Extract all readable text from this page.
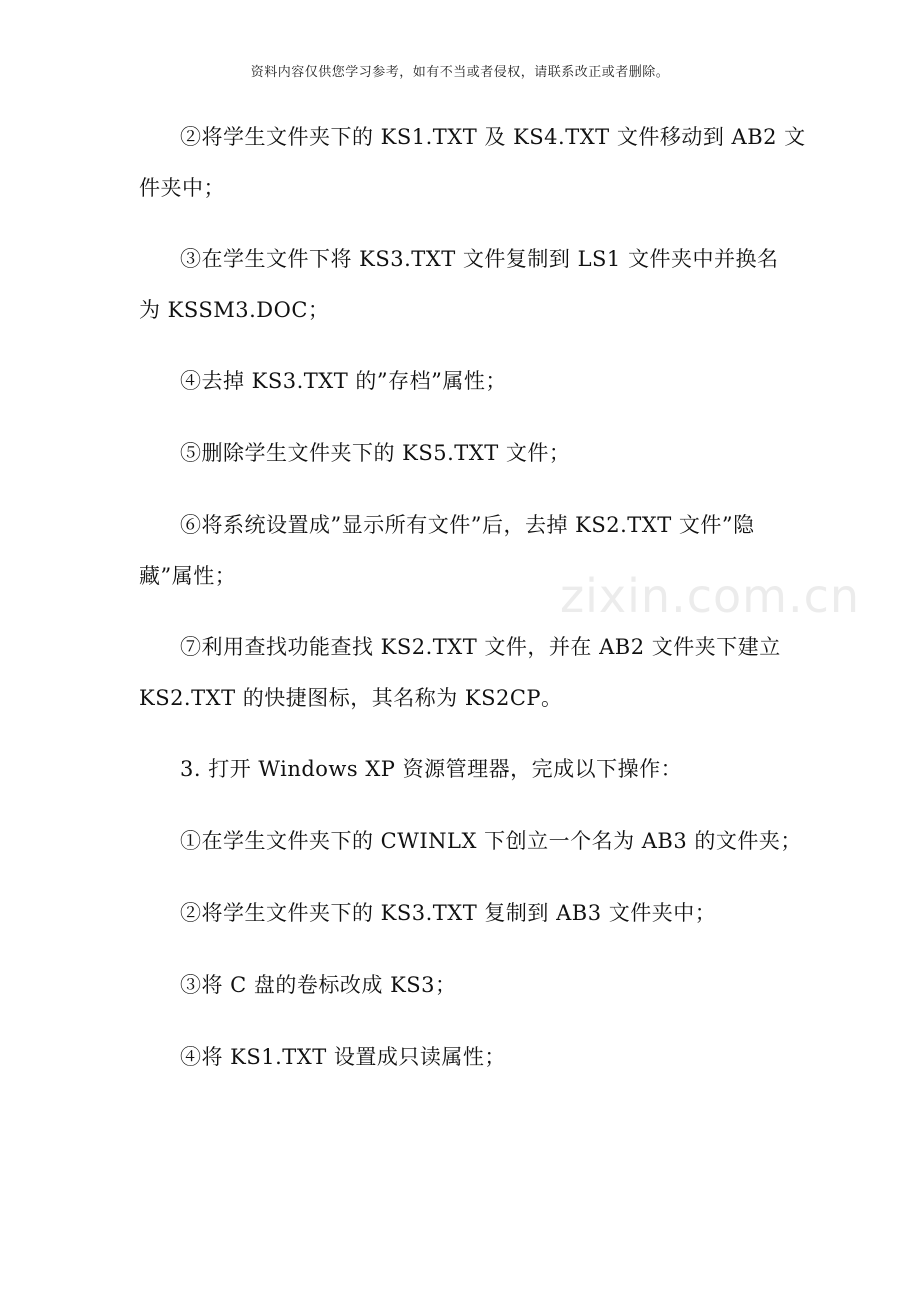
资料内容仅供您学习参考，如有不当或者侵权，请联系改正或者删除。
zixin.com.cn
②将学生文件夹下的 KS1.TXT 及 KS4.TXT 文件移动到 AB2 文
件夹中；
③在学生文件下将 KS3.TXT 文件复制到 LS1 文件夹中并换名
为 KSSM3.DOC；
④去掉 KS3.TXT 的”存档”属性；
⑤删除学生文件夹下的 KS5.TXT 文件；
⑥将系统设置成”显示所有文件”后，去掉 KS2.TXT 文件”隐
藏”属性；
⑦利用查找功能查找 KS2.TXT 文件，并在 AB2 文件夹下建立
KS2.TXT 的快捷图标，其名称为 KS2CP。
3. 打开 Windows XP 资源管理器，完成以下操作：
①在学生文件夹下的 CWINLX 下创立一个名为 AB3 的文件夹；
②将学生文件夹下的 KS3.TXT 复制到 AB3 文件夹中；
③将 C 盘的卷标改成 KS3；
④将 KS1.TXT 设置成只读属性；
